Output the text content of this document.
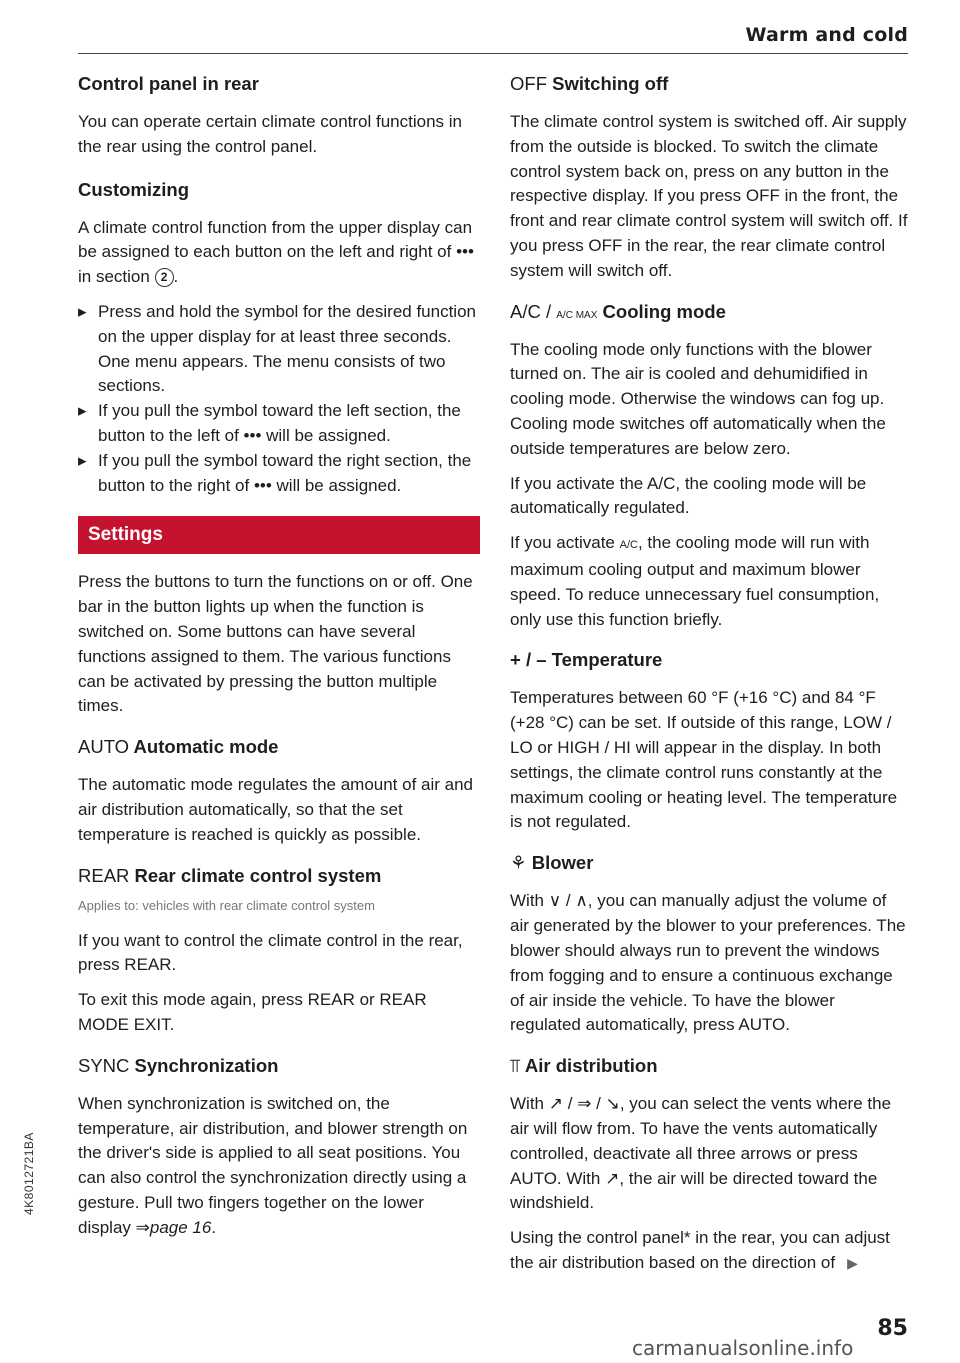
Warm and cold
Control panel in rear

You can operate certain climate control functions in the rear using the control panel.

Customizing

A climate control function from the upper display can be assigned to each button on the left and right of ••• in section 2 .

▸ Press and hold the symbol for the desired function on the upper display for at least three seconds. One menu appears. The menu consists of two sections.
▸ If you pull the symbol toward the left section, the button to the left of ••• will be assigned.
▸ If you pull the symbol toward the right section, the button to the right of ••• will be assigned.
Settings

Press the buttons to turn the functions on or off. One bar in the button lights up when the function is switched on. Some buttons can have several functions assigned to them. The various functions can be activated by pressing the button multiple times.

AUTO Automatic mode

The automatic mode regulates the amount of air and air distribution automatically, so that the set temperature is reached is quickly as possible.

REAR Rear climate control system

Applies to: vehicles with rear climate control system

If you want to control the climate control in the rear, press REAR.

To exit this mode again, press REAR or REAR MODE EXIT.

SYNC Synchronization

When synchronization is switched on, the temperature, air distribution, and blower strength on the driver's side is applied to all seat positions. You can also control the synchronization directly using a gesture. Pull two fingers together on the lower display ⇒page 16.

OFF Switching off

The climate control system is switched off. Air supply from the outside is blocked. To switch the climate control system back on, press on any button in the respective display. If you press OFF in the front, the front and rear climate control system will switch off. If you press OFF in the rear, the rear climate control system will switch off.

A/C / A/C MAX Cooling mode

The cooling mode only functions with the blower turned on. The air is cooled and dehumidified in cooling mode. Otherwise the windows can fog up. Cooling mode switches off automatically when the outside temperatures are below zero.

If you activate the A/C, the cooling mode will be automatically regulated.

If you activate A/C, the cooling mode will run with maximum cooling output and maximum blower speed. To reduce unnecessary fuel consumption, only use this function briefly.

+ / – Temperature

Temperatures between 60 °F (+16 °C) and 84 °F (+28 °C) can be set. If outside of this range, LOW / LO or HIGH / HI will appear in the display. In both settings, the climate control runs constantly at the maximum cooling or heating level. The temperature is not regulated.

⚘ Blower

With ∨ / ∧, you can manually adjust the volume of air generated by the blower to your preferences. The blower should always run to prevent the windows from fogging and to ensure a continuous exchange of air inside the vehicle. To have the blower regulated automatically, press AUTO.

⫪ Air distribution

With ↗ / ⇒ / ↘, you can select the vents where the air will flow from. To have the vents automatically controlled, deactivate all three arrows or press AUTO. With ↗, the air will be directed toward the windshield.

Using the control panel* in the rear, you can adjust the air distribution based on the direction of ▶

4K8012721BA
85
carmanualsonline.info
